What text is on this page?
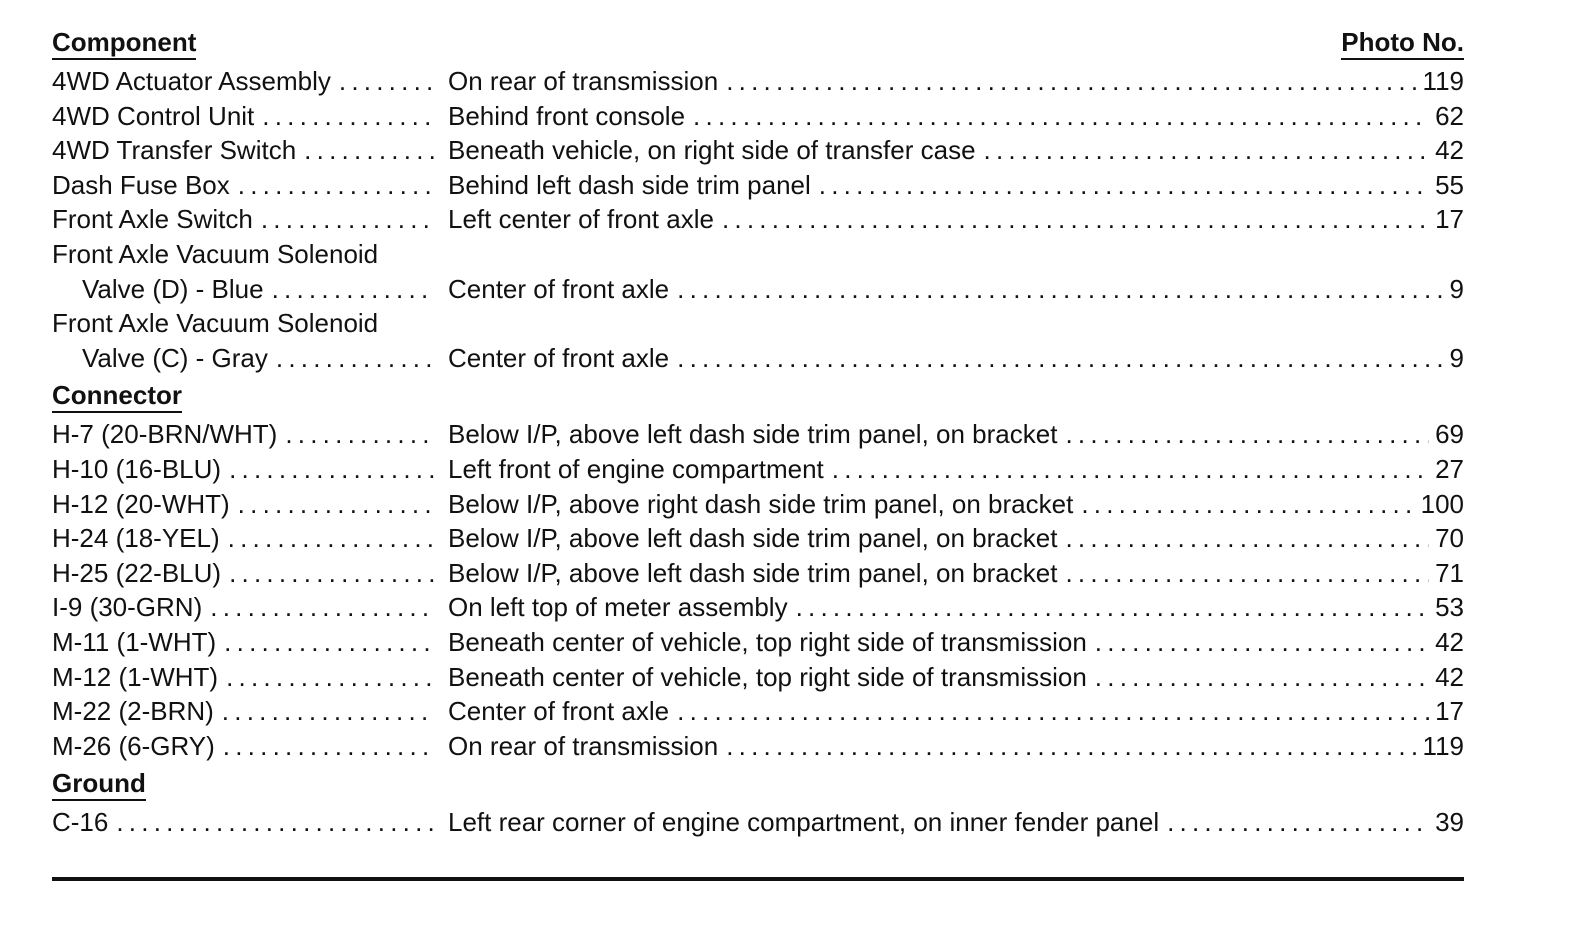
Component	Photo No.
4WD Actuator Assembly . . .	On rear of transmission . . .	119
4WD Control Unit . . .	Behind front console . . .	62
4WD Transfer Switch . . .	Beneath vehicle, on right side of transfer case . . .	42
Dash Fuse Box . . .	Behind left dash side trim panel . . .	55
Front Axle Switch . . .	Left center of front axle . . .	17
Front Axle Vacuum Solenoid
Valve (D) - Blue . . .	Center of front axle . . .	9
Front Axle Vacuum Solenoid
Valve (C) - Gray . . .	Center of front axle . . .	9
Connector
H-7 (20-BRN/WHT) . . .	Below I/P, above left dash side trim panel, on bracket . . .	69
H-10 (16-BLU) . . .	Left front of engine compartment . . .	27
H-12 (20-WHT) . . .	Below I/P, above right dash side trim panel, on bracket . . .	100
H-24 (18-YEL) . . .	Below I/P, above left dash side trim panel, on bracket . . .	70
H-25 (22-BLU) . . .	Below I/P, above left dash side trim panel, on bracket . . .	71
I-9 (30-GRN) . . .	On left top of meter assembly . . .	53
M-11 (1-WHT) . . .	Beneath center of vehicle, top right side of transmission . . .	42
M-12 (1-WHT) . . .	Beneath center of vehicle, top right side of transmission . . .	42
M-22 (2-BRN) . . .	Center of front axle . . .	17
M-26 (6-GRY) . . .	On rear of transmission . . .	119
Ground
C-16 . . .	Left rear corner of engine compartment, on inner fender panel . . .	39
